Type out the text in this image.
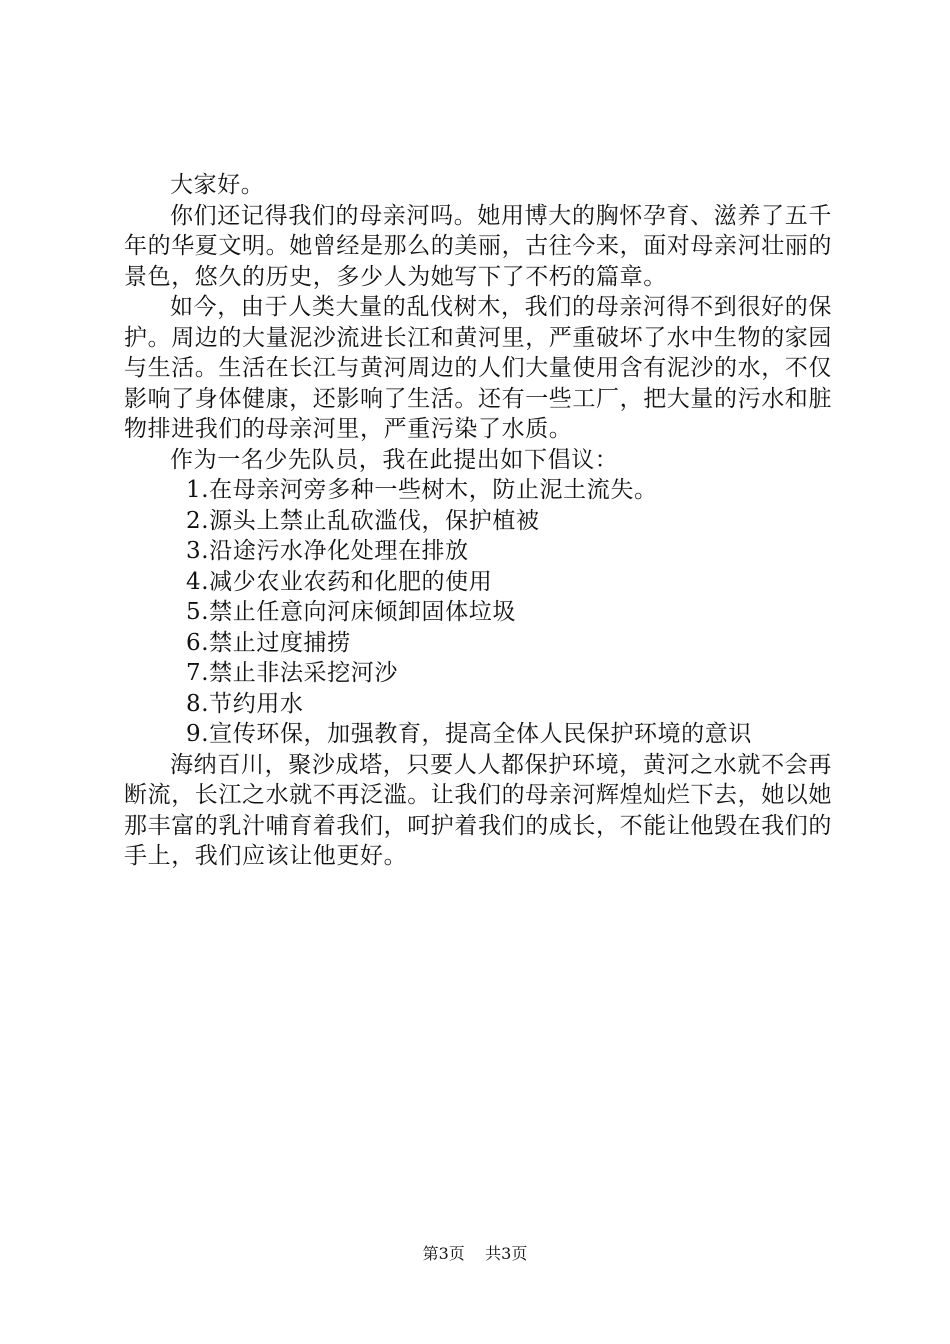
大家好。

你们还记得我们的母亲河吗。她用博大的胸怀孕育、滋养了五千年的华夏文明。她曾经是那么的美丽，古往今来，面对母亲河壮丽的景色，悠久的历史，多少人为她写下了不朽的篇章。

如今，由于人类大量的乱伐树木，我们的母亲河得不到很好的保护。周边的大量泥沙流进长江和黄河里，严重破坏了水中生物的家园与生活。生活在长江与黄河周边的人们大量使用含有泥沙的水，不仅影响了身体健康，还影响了生活。还有一些工厂，把大量的污水和脏物排进我们的母亲河里，严重污染了水质。

作为一名少先队员，我在此提出如下倡议：

1.在母亲河旁多种一些树木，防止泥土流失。

2.源头上禁止乱砍滥伐，保护植被

3.沿途污水净化处理在排放

4.减少农业农药和化肥的使用

5.禁止任意向河床倾卸固体垃圾

6.禁止过度捕捞

7.禁止非法采挖河沙

8.节约用水

9.宣传环保，加强教育，提高全体人民保护环境的意识

海纳百川，聚沙成塔，只要人人都保护环境，黄河之水就不会再断流，长江之水就不再泛滥。让我们的母亲河辉煌灿烂下去，她以她那丰富的乳汁哺育着我们，呵护着我们的成长，不能让他毁在我们的手上，我们应该让他更好。

第3页 共3页
